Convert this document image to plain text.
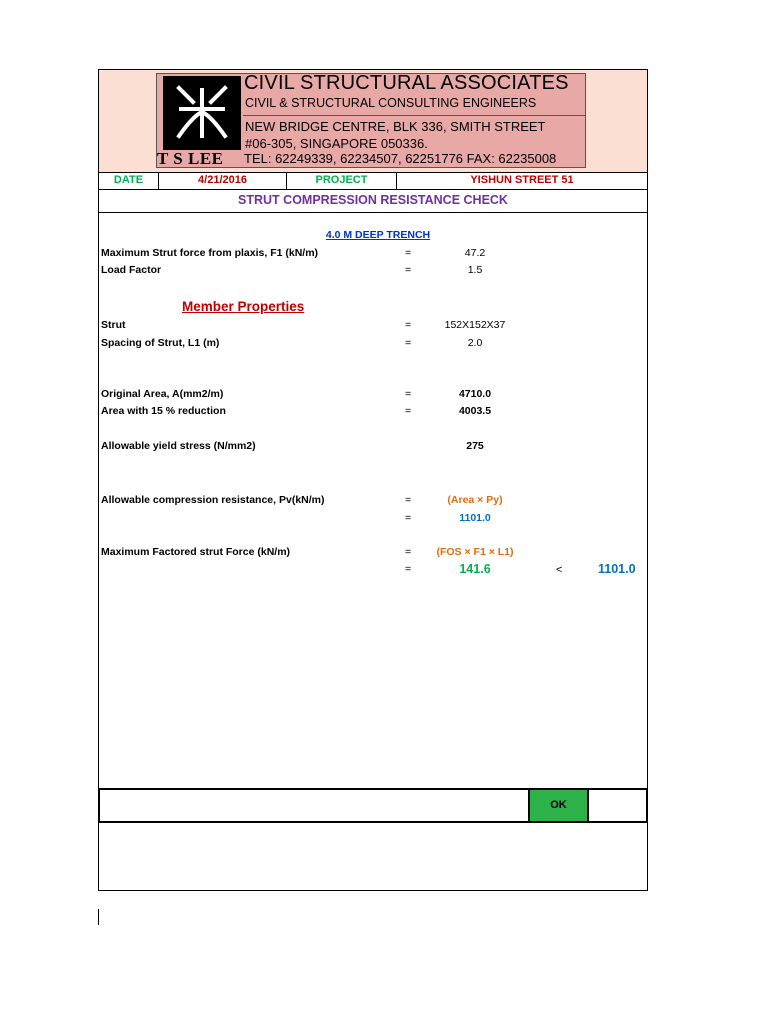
T S LEE
CIVIL STRUCTURAL ASSOCIATES
CIVIL & STRUCTURAL CONSULTING ENGINEERS
NEW BRIDGE CENTRE, BLK 336, SMITH STREET
#06-305, SINGAPORE 050336.
TEL: 62249339, 62234507, 62251776 FAX: 62235008
DATE	4/21/2016	PROJECT	YISHUN STREET 51
STRUT COMPRESSION RESISTANCE CHECK
4.0 M DEEP TRENCH
Maximum Strut force from plaxis, F1 (kN/m)	=	47.2
Load Factor	=	1.5
Member Properties
Strut	=	152X152X37
Spacing of Strut, L1 (m)	=	2.0
Original Area, A(mm2/m)	=	4710.0
Area with 15 % reduction	=	4003.5
Allowable yield stress (N/mm2)	275
Allowable compression resistance, Pv(kN/m)	=	(Area × Py)
=	1101.0
Maximum Factored strut Force (kN/m)	=	(FOS × F1 × L1)
=	141.6	<	1101.0
OK
